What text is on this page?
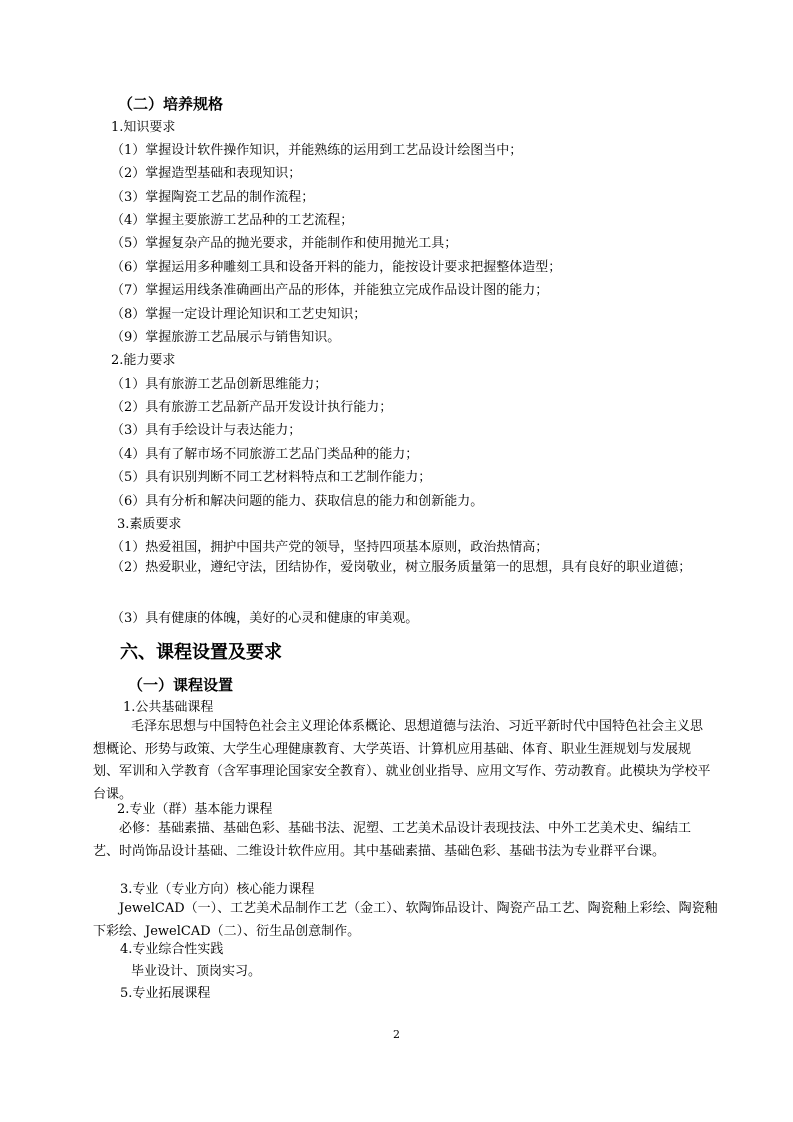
（二）培养规格
1.知识要求
（1）掌握设计软件操作知识，并能熟练的运用到工艺品设计绘图当中；
（2）掌握造型基础和表现知识；
（3）掌握陶瓷工艺品的制作流程；
（4）掌握主要旅游工艺品种的工艺流程；
（5）掌握复杂产品的抛光要求，并能制作和使用抛光工具；
（6）掌握运用多种雕刻工具和设备开料的能力，能按设计要求把握整体造型；
（7）掌握运用线条准确画出产品的形体，并能独立完成作品设计图的能力；
（8）掌握一定设计理论知识和工艺史知识；
（9）掌握旅游工艺品展示与销售知识。
2.能力要求
（1）具有旅游工艺品创新思维能力；
（2）具有旅游工艺品新产品开发设计执行能力；
（3）具有手绘设计与表达能力；
（4）具有了解市场不同旅游工艺品门类品种的能力；
（5）具有识别判断不同工艺材料特点和工艺制作能力；
（6）具有分析和解决问题的能力、获取信息的能力和创新能力。
3.素质要求
（1）热爱祖国，拥护中国共产党的领导，坚持四项基本原则，政治热情高；
（2）热爱职业，遵纪守法，团结协作，爱岗敬业，树立服务质量第一的思想，具有良好的职业道德；
（3）具有健康的体魄，美好的心灵和健康的审美观。
六、课程设置及要求
（一）课程设置
1.公共基础课程
毛泽东思想与中国特色社会主义理论体系概论、思想道德与法治、习近平新时代中国特色社会主义思想概论、形势与政策、大学生心理健康教育、大学英语、计算机应用基础、体育、职业生涯规划与发展规划、军训和入学教育（含军事理论国家安全教育）、就业创业指导、应用文写作、劳动教育。此模块为学校平台课。
2.专业（群）基本能力课程
必修：基础素描、基础色彩、基础书法、泥塑、工艺美术品设计表现技法、中外工艺美术史、编结工艺、时尚饰品设计基础、二维设计软件应用。其中基础素描、基础色彩、基础书法为专业群平台课。
3.专业（专业方向）核心能力课程
JewelCAD（一）、工艺美术品制作工艺（金工）、软陶饰品设计、陶瓷产品工艺、陶瓷釉上彩绘、陶瓷釉下彩绘、JewelCAD（二）、衍生品创意制作。
4.专业综合性实践
毕业设计、顶岗实习。
5.专业拓展课程
2
